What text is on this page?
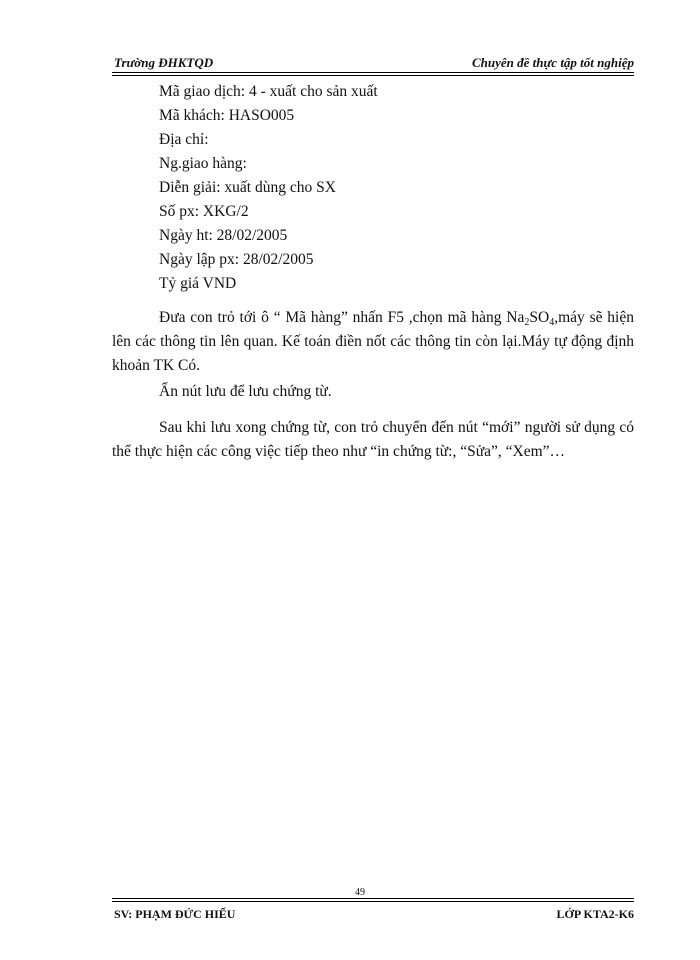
Trường ĐHKTQD	Chuyên đề thực tập tốt nghiệp
Mã giao dịch: 4 - xuất cho sản xuất
Mã khách: HASO005
Địa chỉ:
Ng.giao hàng:
Diễn giải: xuất dùng cho SX
Số px: XKG/2
Ngày ht: 28/02/2005
Ngày lập px: 28/02/2005
Tỷ giá VND
Đưa con trỏ tới ô “ Mã hàng” nhấn F5 ,chọn mã hàng $Na_2SO_4,máy$ sẽ hiện lên các thông tin lên quan. Kế toán điền nốt các thông tin còn lại.Máy tự động định khoản TK Có.
Ấn nút lưu để lưu chứng từ.
Sau khi lưu xong chứng từ, con trỏ chuyển đến nút “mới” người sử dụng có thể thực hiện các công việc tiếp theo như “in chứng từ:, “Sửa”, “Xem”…
49
SV: PHẠM ĐỨC HIẾU	LỚP KTA2-K6
